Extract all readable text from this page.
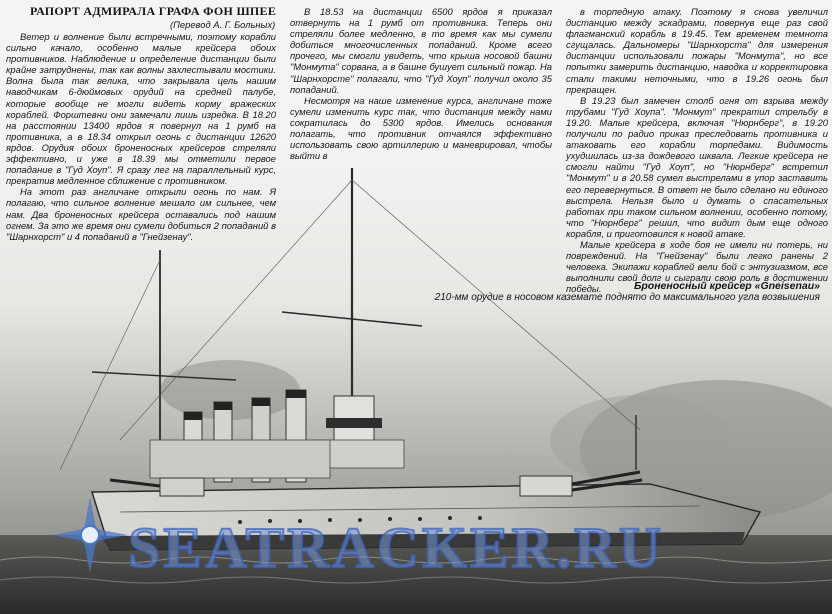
SEATRACKER.RU
РАПОРТ АДМИРАЛА ГРАФА ФОН ШПЕЕ
(Перевод А. Г. Больных)

Ветер и волнение были встречными, поэтому корабли сильно качало, особенно малые крейсера обоих противников. Наблюдение и определение дистанции были крайне затруднены, так как волны захлестывали мостики. Волна была так велика, что закрывала цель нашим наводчикам 6-дюймовых орудий на средней палубе, которые вообще не могли видеть корму вражеских кораблей. Форштевни они замечали лишь изредка. В 18.20 на расстоянии 13400 ярдов я повернул на 1 румб на противника, а в 18.34 открыл огонь с дистанции 12620 ярдов. Орудия обоих броненосных крейсеров стреляли эффективно, и уже в 18.39 мы отметили первое попадание в "Гуд Хоуп". Я сразу лег на параллельный курс, прекратив медленное сближение с противником.

На этот раз англичане открыли огонь по нам. Я полагаю, что сильное волнение мешало им сильнее, чем нам. Два броненосных крейсера оставались под нашим огнем. За это же время они сумели добиться 2 попаданий в "Шарнхорст" и 4 попаданий в "Гнейзенау".

В 18.53 на дистанции 6500 ярдов я приказал отвернуть на 1 румб от противника. Теперь они стреляли более медленно, в то время как мы сумели добиться многочисленных попаданий. Кроме всего прочего, мы смогли увидеть, что крыша носовой башни "Монмута" сорвана, а в башне бушует сильный пожар. На "Шарнхорсте" полагали, что "Гуд Хоуп" получил около 35 попаданий.

Несмотря на наше изменение курса, англичане тоже сумели изменить курс так, что дистанция между нами сократилась до 5300 ярдов. Имелись основания полагать, что противник отчаялся эффективно использовать свою артиллерию и маневрировал, чтобы выйти в

в торпедную атаку. Поэтому я снова увеличил дистанцию между эскадрами, повернув еще раз свой флагманский корабль в 19.45. Тем временем темнота сгущалась. Дальномеры "Шарнхорста" для измерения дистанции использовали пожары "Монмута", но все попытки замерить дистанцию, наводка и корректировка стали такими неточными, что в 19.26 огонь был прекращен.

В 19.23 был замечен столб огня от взрыва между трубами "Гуд Хоупа". "Монмут" прекратил стрельбу в 19.20. Малые крейсера, включая "Нюрнберг", в 19.20 получили по радио приказ преследовать противника и атаковать его корабли торпедами. Видимость ухудшилась из-за дождевого шквала. Легкие крейсера не смогли найти "Гуд Хоуп", но "Нюрнберг" встретил "Монмут" и в 20.58 сумел выстрелами в упор заставить его перевернуться. В ответ не было сделано ни единого выстрела. Нельзя было и думать о спасательных работах при таком сильном волнении, особенно потому, что "Нюрнберг" решил, что видит дым еще одного корабля, и приготовился к новой атаке.

Малые крейсера в ходе боя не имели ни потерь, ни повреждений. На "Гнейзенау" были легко ранены 2 человека. Экипажи кораблей вели бой с энтузиазмом, все выполнили свой долг и сыграли свою роль в достижении победы.	Броненосный крейсер «Gneisenau»
210-мм орудие в носовом каземате поднято до максимального угла возвышения
